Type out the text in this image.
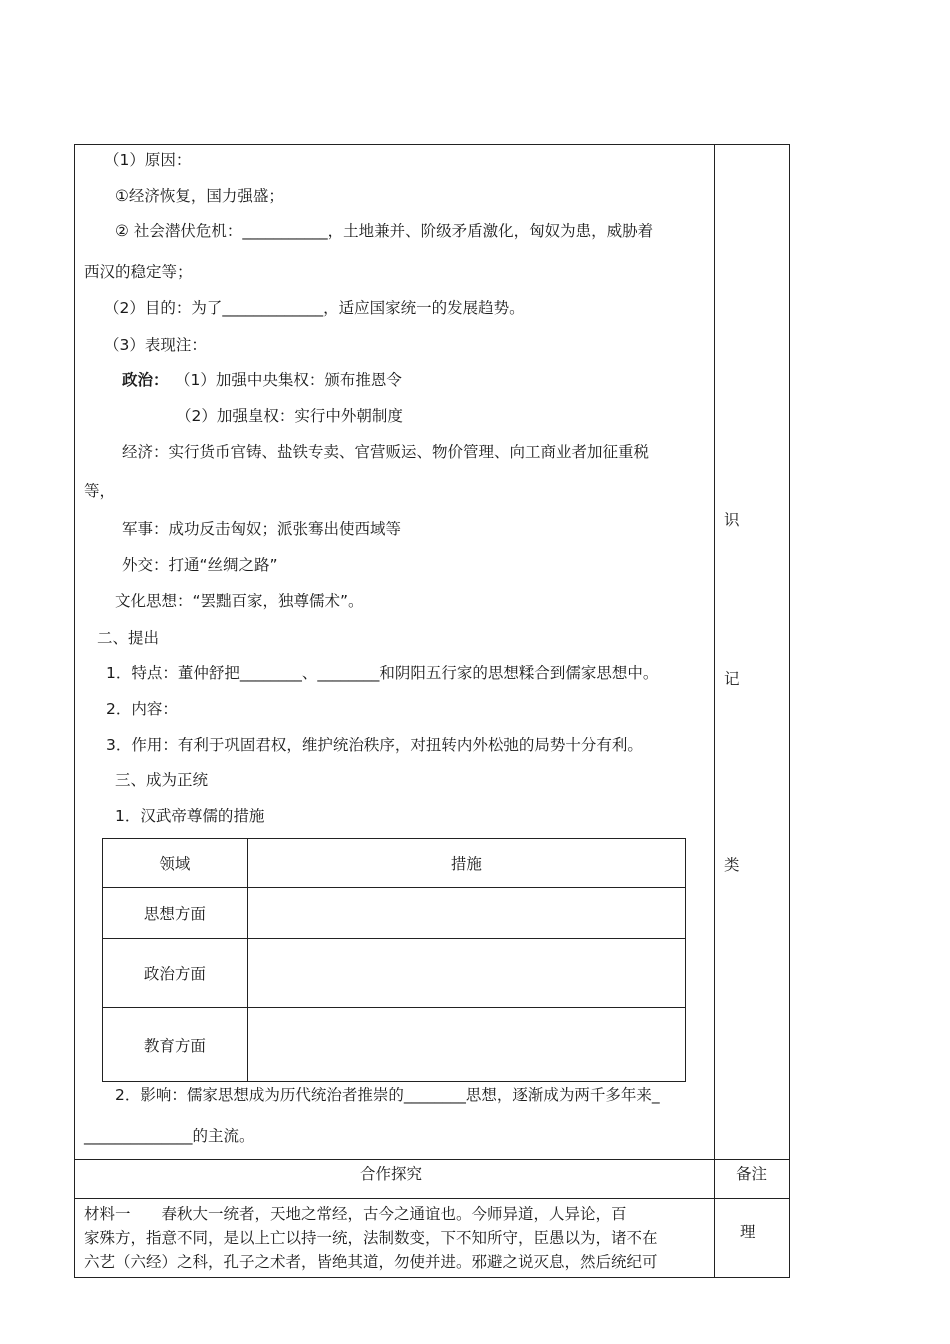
（1）原因：
①经济恢复，国力强盛；
② 社会潜伏危机：___________，土地兼并、阶级矛盾激化，匈奴为患，威胁着
西汉的稳定等；
（2）目的：为了_____________，适应国家统一的发展趋势。
（3）表现注：
政治： （1）加强中央集权：颁布推恩令
（2）加强皇权：实行中外朝制度
经济：实行货币官铸、盐铁专卖、官营贩运、物价管理、向工商业者加征重税
等，
军事：成功反击匈奴；派张骞出使西域等
外交：打通“丝绸之路”
文化思想：“罢黜百家，独尊儒术”。
二、提出
1．特点：董仲舒把________、________和阴阳五行家的思想糅合到儒家思想中。
2．内容：
3．作用：有利于巩固君权，维护统治秩序，对扭转内外松弛的局势十分有利。
三、成为正统
1．汉武帝尊儒的措施
领域	措施
思想方面	
政治方面	
教育方面	
2．影响：儒家思想成为历代统治者推崇的________思想，逐渐成为两千多年来_
______________的主流。
识
记
类
合作探究	备注
材料一　　春秋大一统者，天地之常经，古今之通谊也。今师异道，人异论，百
家殊方，指意不同，是以上亡以持一统，法制数变，下不知所守，臣愚以为，诸不在
六艺（六经）之科，孔子之术者，皆绝其道，勿使并进。邪避之说灭息，然后统纪可
理
